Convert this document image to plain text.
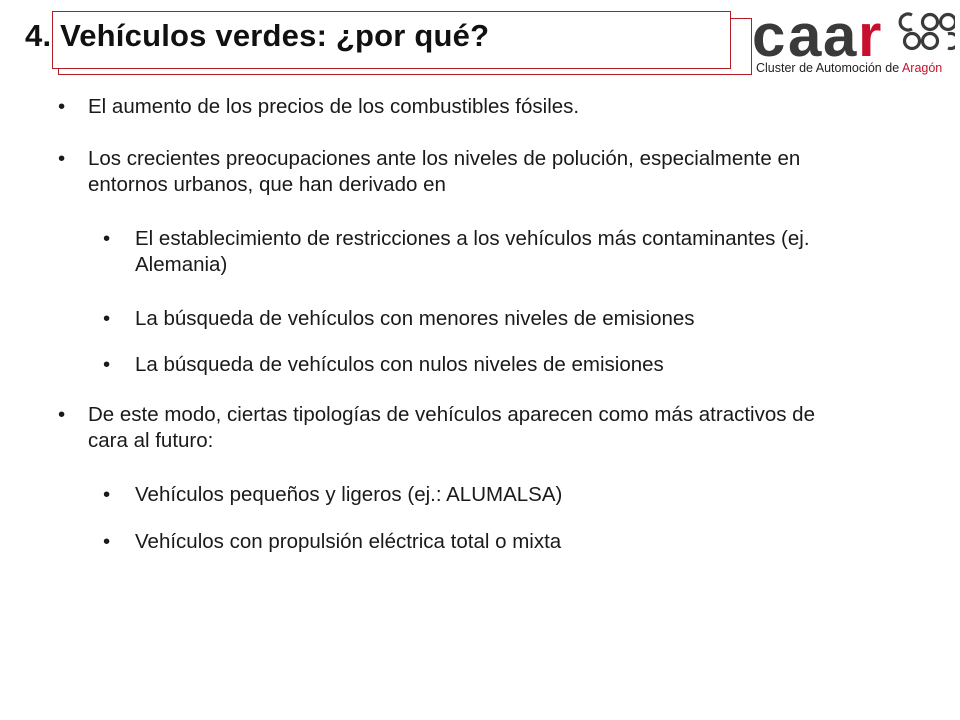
4. Vehículos verdes: ¿por qué?	c a a r
Cluster de Automoción de Aragón
• El aumento de los precios de los combustibles fósiles.
• Los crecientes preocupaciones ante los niveles de polución, especialmente en entornos urbanos, que han derivado en
• El establecimiento de restricciones a los vehículos más contaminantes (ej. Alemania)
• La búsqueda de vehículos con menores niveles de emisiones
• La búsqueda de vehículos con nulos niveles de emisiones
• De este modo, ciertas tipologías de vehículos aparecen como más atractivos de cara al futuro:
• Vehículos pequeños y ligeros (ej.: ALUMALSA)
• Vehículos con propulsión eléctrica total o mixta
